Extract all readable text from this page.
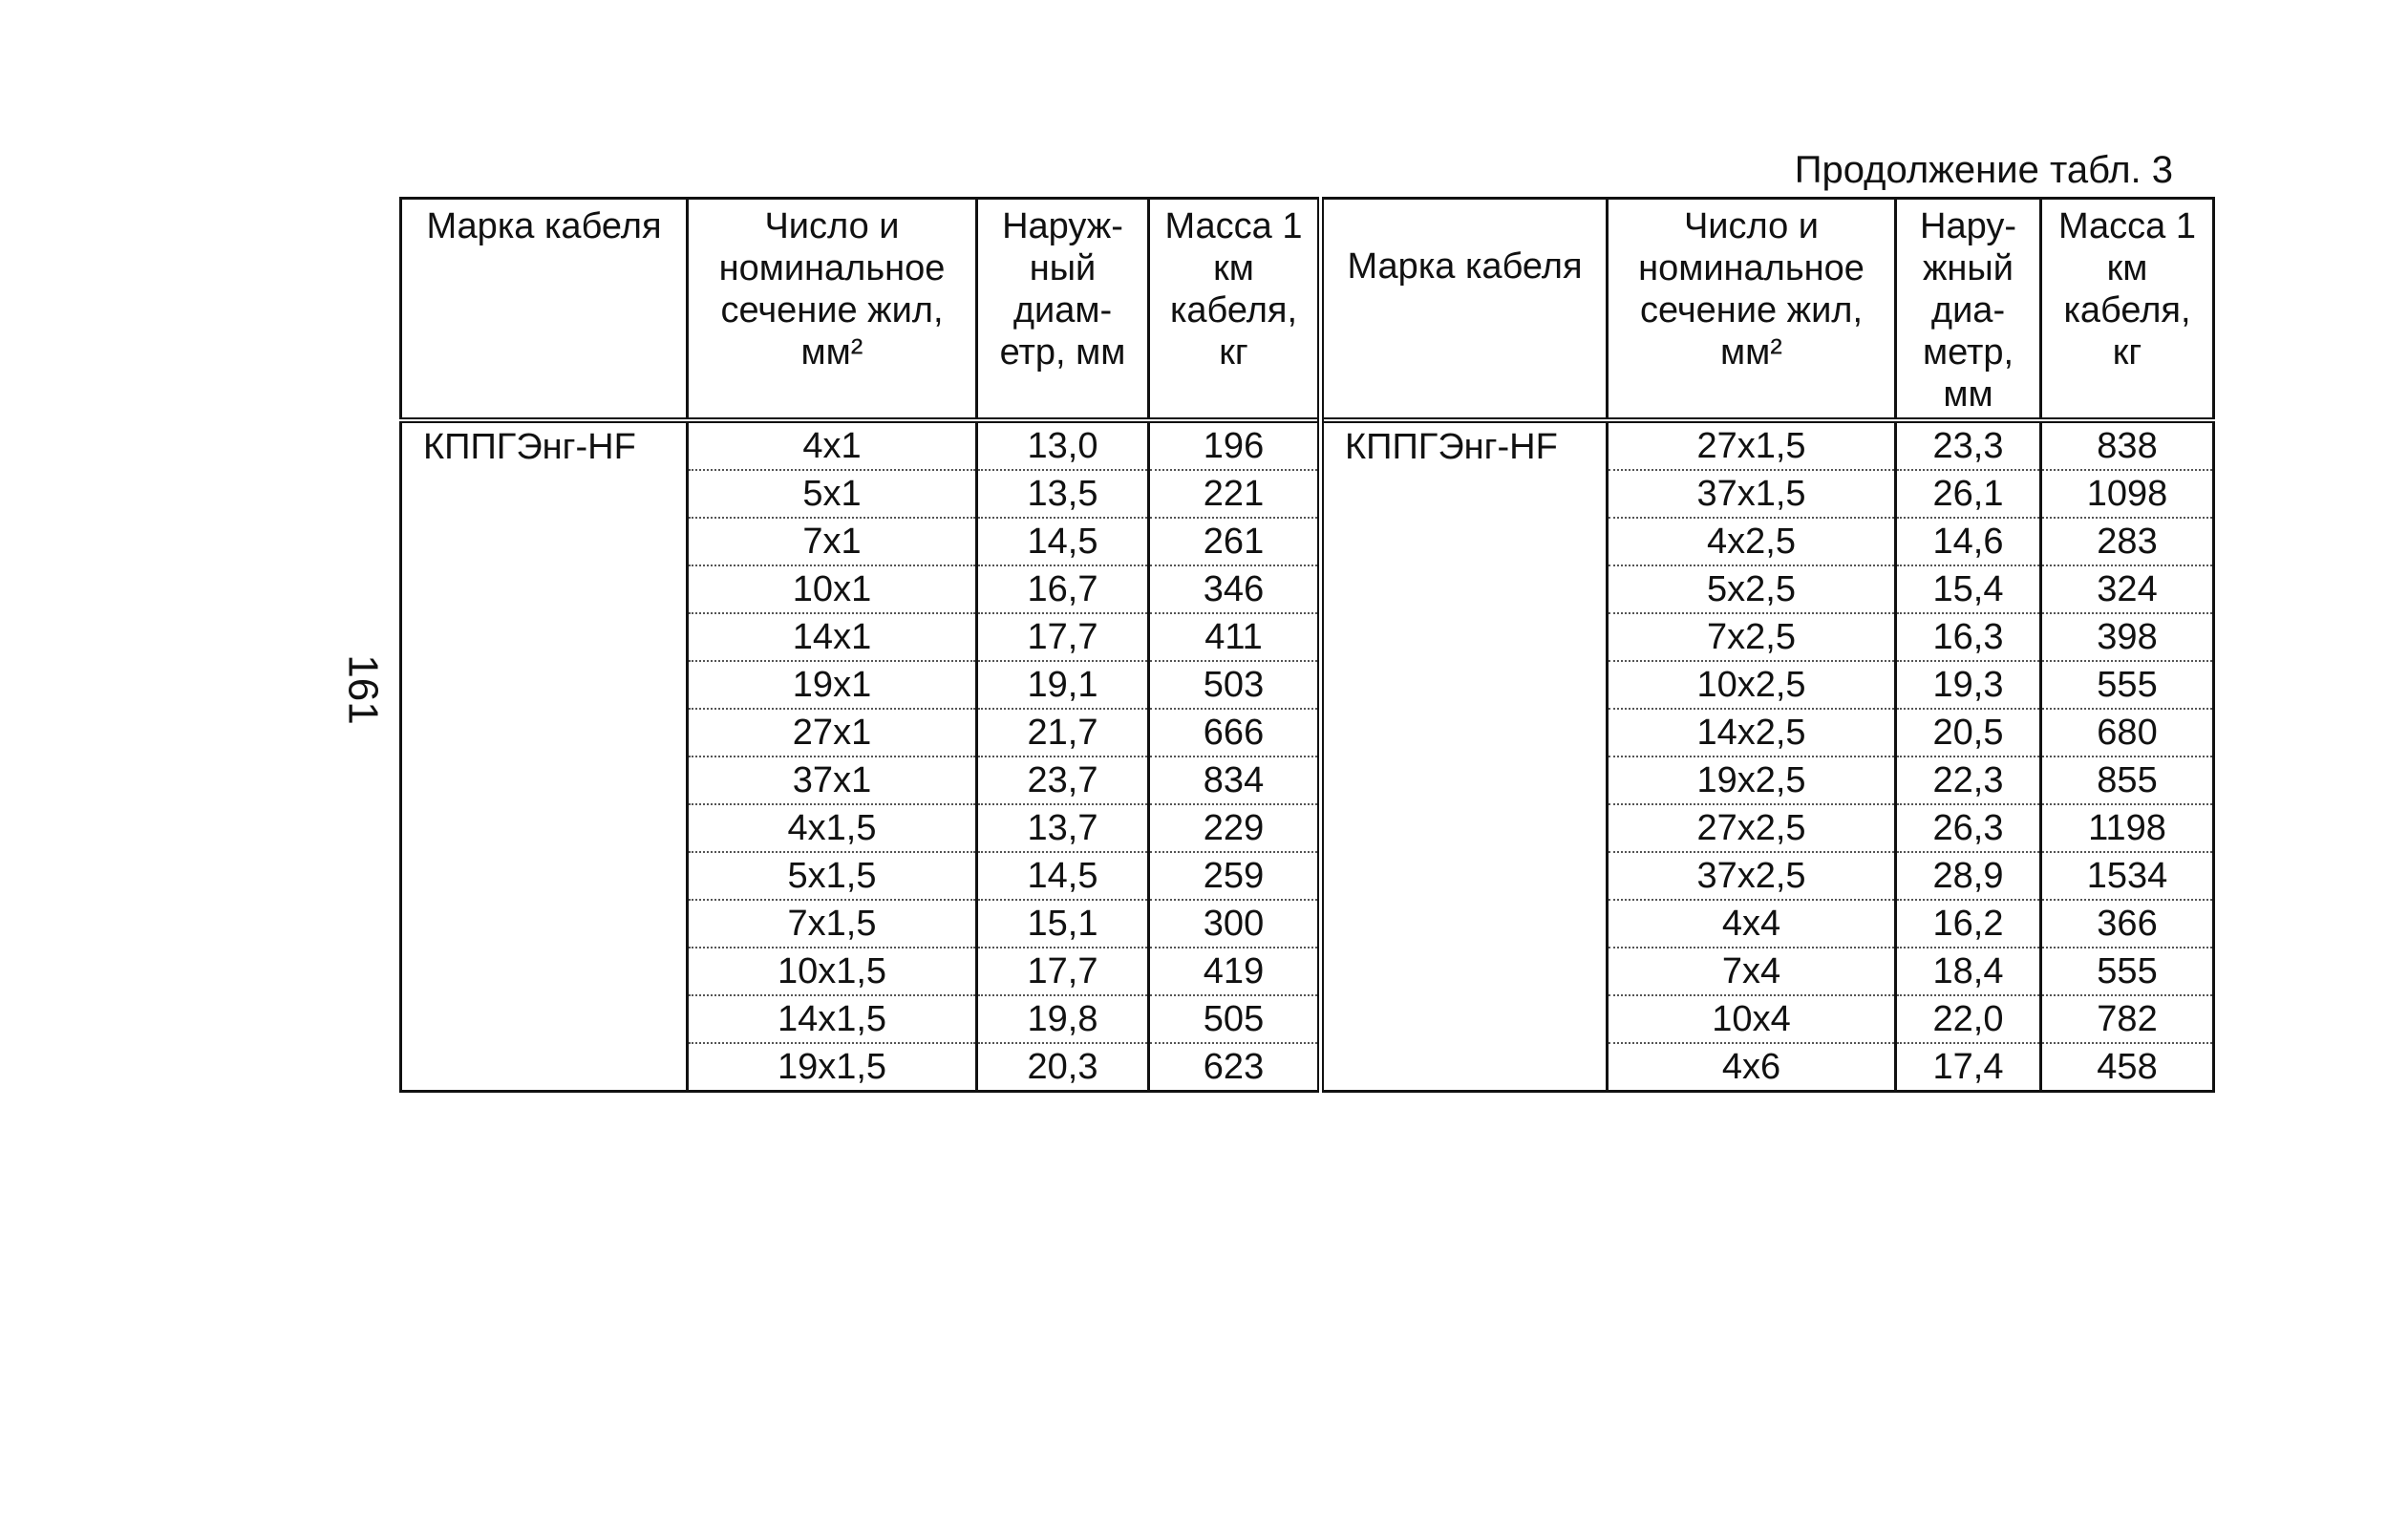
161
Продолжение табл. 3
Марка кабеля	Число и номинальное сечение жил, мм²	Наруж- ный диам- етр, мм	Масса 1 км кабеля, кг	Марка кабеля	Число и номинальное сечение жил, мм²	Нару- жный диа- метр, мм	Масса 1 км кабеля, кг
КППГЭнг-HF	4x1	13,0	196	КППГЭнг-HF	27x1,5	23,3	838
	5x1	13,5	221		37x1,5	26,1	1098
	7x1	14,5	261		4x2,5	14,6	283
	10x1	16,7	346		5x2,5	15,4	324
	14x1	17,7	411		7x2,5	16,3	398
	19x1	19,1	503		10x2,5	19,3	555
	27x1	21,7	666		14x2,5	20,5	680
	37x1	23,7	834		19x2,5	22,3	855
	4x1,5	13,7	229		27x2,5	26,3	1198
	5x1,5	14,5	259		37x2,5	28,9	1534
	7x1,5	15,1	300		4x4	16,2	366
	10x1,5	17,7	419		7x4	18,4	555
	14x1,5	19,8	505		10x4	22,0	782
	19x1,5	20,3	623		4x6	17,4	458
